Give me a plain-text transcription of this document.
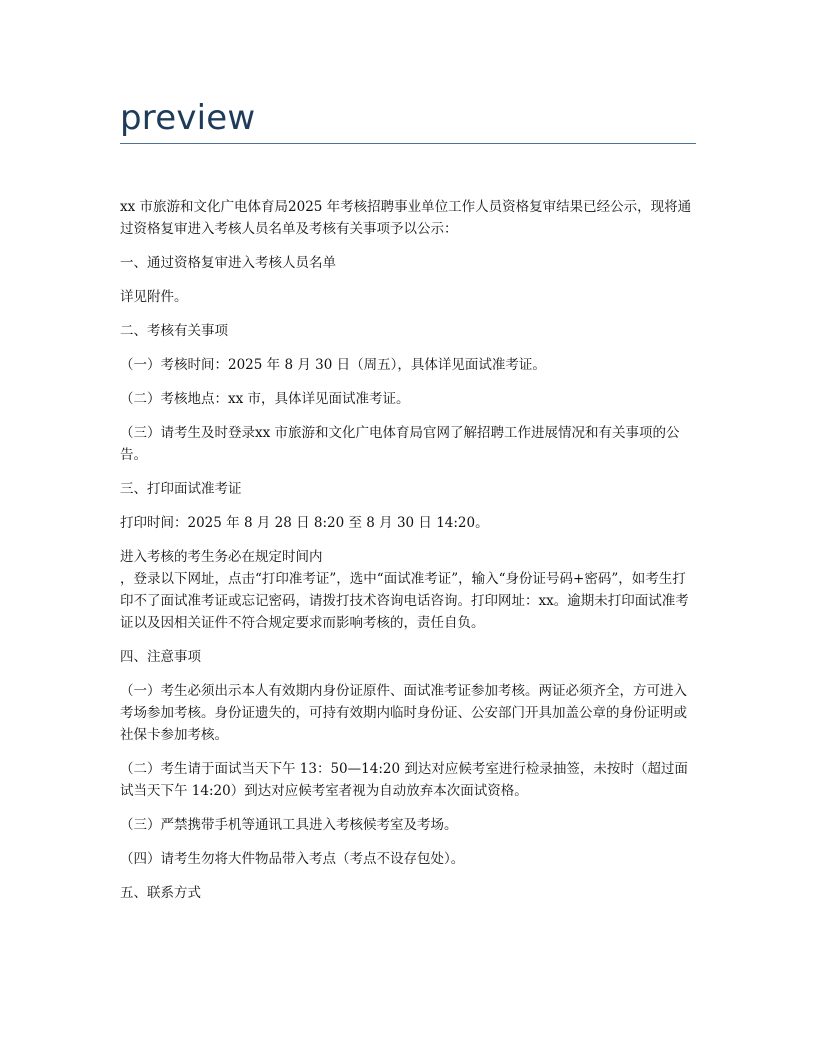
preview

xx 市旅游和文化广电体育局2025 年考核招聘事业单位工作人员资格复审结果已经公示，现将通过资格复审进入考核人员名单及考核有关事项予以公示：

一、通过资格复审进入考核人员名单

详见附件。

二、考核有关事项

（一）考核时间：2025 年 8 月 30 日（周五），具体详见面试准考证。

（二）考核地点：xx 市，具体详见面试准考证。

（三）请考生及时登录xx 市旅游和文化广电体育局官网了解招聘工作进展情况和有关事项的公告。

三、打印面试准考证

打印时间：2025 年 8 月 28 日 8:20 至 8 月 30 日 14:20。

进入考核的考生务必在规定时间内
，登录以下网址，点击“打印准考证”，选中“面试准考证”，输入“身份证号码+密码”，如考生打印不了面试准考证或忘记密码，请拨打技术咨询电话咨询。打印网址：xx。逾期未打印面试准考证以及因相关证件不符合规定要求而影响考核的，责任自负。

四、注意事项

（一）考生必须出示本人有效期内身份证原件、面试准考证参加考核。两证必须齐全，方可进入考场参加考核。身份证遗失的，可持有效期内临时身份证、公安部门开具加盖公章的身份证明或社保卡参加考核。

（二）考生请于面试当天下午 13：50—14:20 到达对应候考室进行检录抽签，未按时（超过面试当天下午 14:20）到达对应候考室者视为自动放弃本次面试资格。

（三）严禁携带手机等通讯工具进入考核候考室及考场。

（四）请考生勿将大件物品带入考点（考点不设存包处）。

五、联系方式
